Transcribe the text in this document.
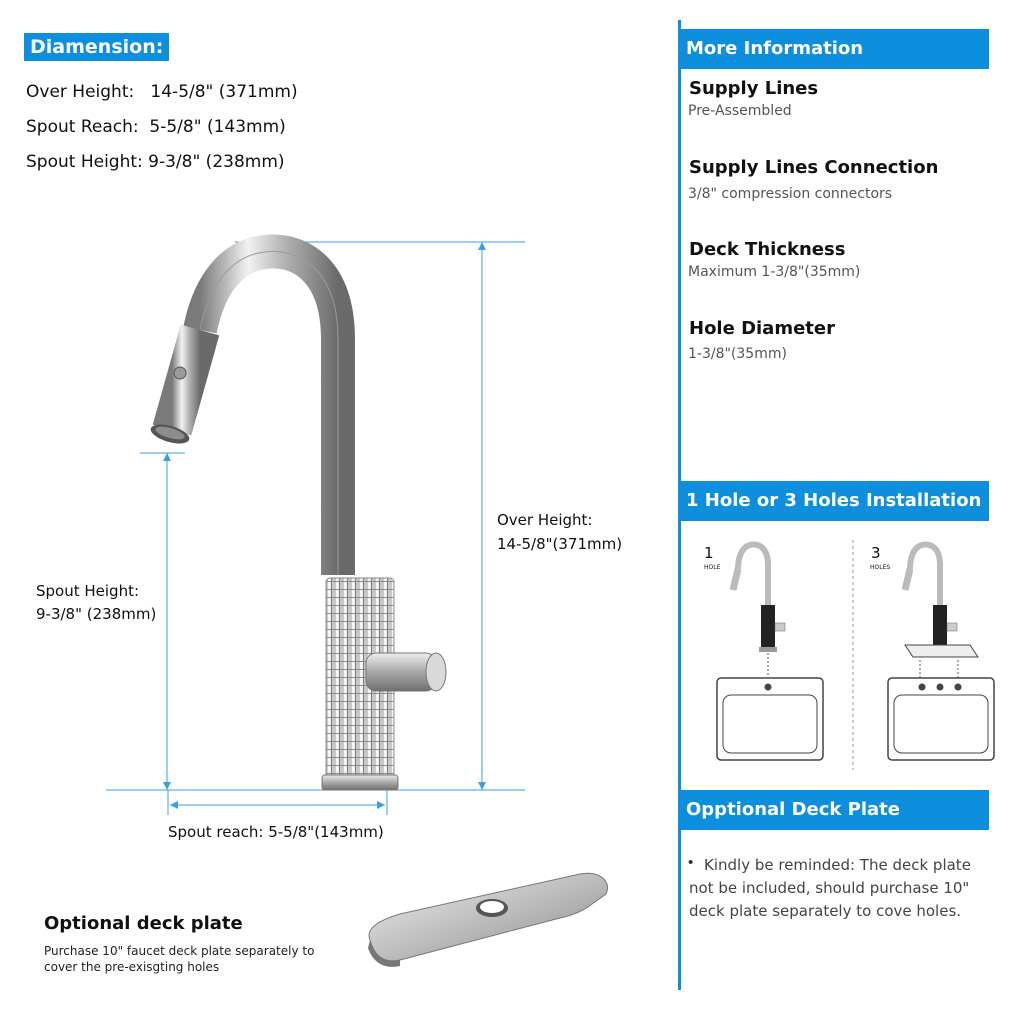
Diamension:
Over Height:   14-5/8" (371mm)
Spout Reach:  5-5/8" (143mm)
Spout Height: 9-3/8" (238mm)
Over Height:
14-5/8"(371mm)
Spout Height:
9-3/8" (238mm)
Spout reach: 5-5/8"(143mm)
Optional deck plate
Purchase 10" faucet deck plate separately to
cover the pre-exisgting holes
More Information
Supply Lines
Pre-Assembled
Supply Lines Connection
3/8" compression connectors
Deck Thickness
Maximum 1-3/8"(35mm)
Hole Diameter
1-3/8"(35mm)
1 Hole or 3 Holes Installation
1
HOLE
3
HOLES
Opptional Deck Plate
• Kindly be reminded: The deck plate
not be included, should purchase 10"
deck plate separately to cove holes.
